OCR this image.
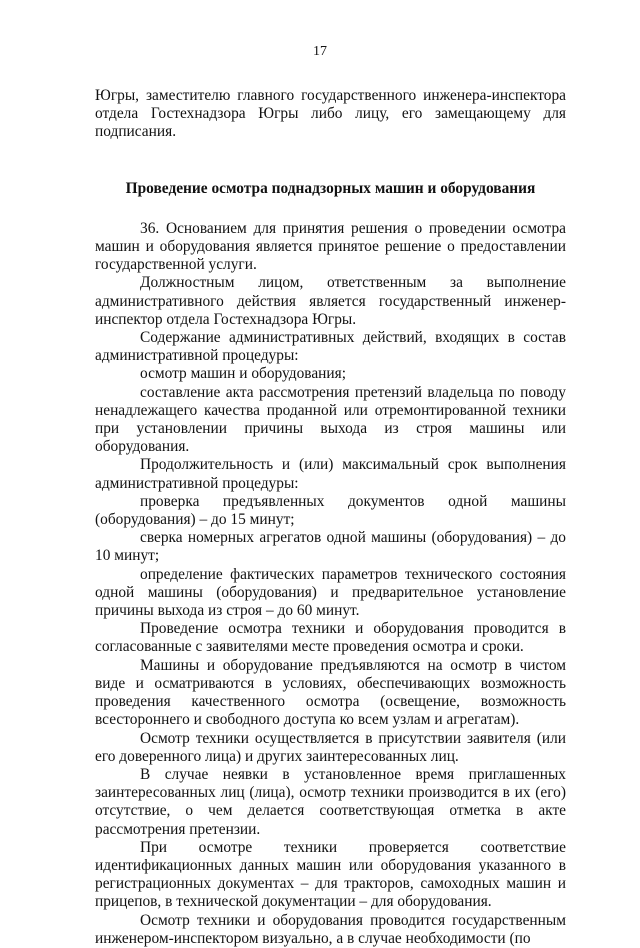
17

Югры, заместителю главного государственного инженера-инспектора отдела Гостехнадзора Югры либо лицу, его замещающему для подписания.

Проведение осмотра поднадзорных машин и оборудования

36. Основанием для принятия решения о проведении осмотра машин и оборудования является принятое решение о предоставлении государственной услуги.

Должностным лицом, ответственным за выполнение административного действия является государственный инженер-инспектор отдела Гостехнадзора Югры.

Содержание административных действий, входящих в состав административной процедуры:

осмотр машин и оборудования;

составление акта рассмотрения претензий владельца по поводу ненадлежащего качества проданной или отремонтированной техники при установлении причины выхода из строя машины или оборудования.

Продолжительность и (или) максимальный срок выполнения административной процедуры:

проверка предъявленных документов одной машины (оборудования) – до 15 минут;

сверка номерных агрегатов одной машины (оборудования) – до 10 минут;

определение фактических параметров технического состояния одной машины (оборудования) и предварительное установление причины выхода из строя – до 60 минут.

Проведение осмотра техники и оборудования проводится в согласованные с заявителями месте проведения осмотра и сроки.

Машины и оборудование предъявляются на осмотр в чистом виде и осматриваются в условиях, обеспечивающих возможность проведения качественного осмотра (освещение, возможность всестороннего и свободного доступа ко всем узлам и агрегатам).

Осмотр техники осуществляется в присутствии заявителя (или его доверенного лица) и других заинтересованных лиц.

В случае неявки в установленное время приглашенных заинтересованных лиц (лица), осмотр техники производится в их (его) отсутствие, о чем делается соответствующая отметка в акте рассмотрения претензии.

При осмотре техники проверяется соответствие идентификационных данных машин или оборудования указанного в регистрационных документах – для тракторов, самоходных машин и прицепов, в технической документации – для оборудования.

Осмотр техники и оборудования проводится государственным инженером-инспектором визуально, а в случае необходимости (по
